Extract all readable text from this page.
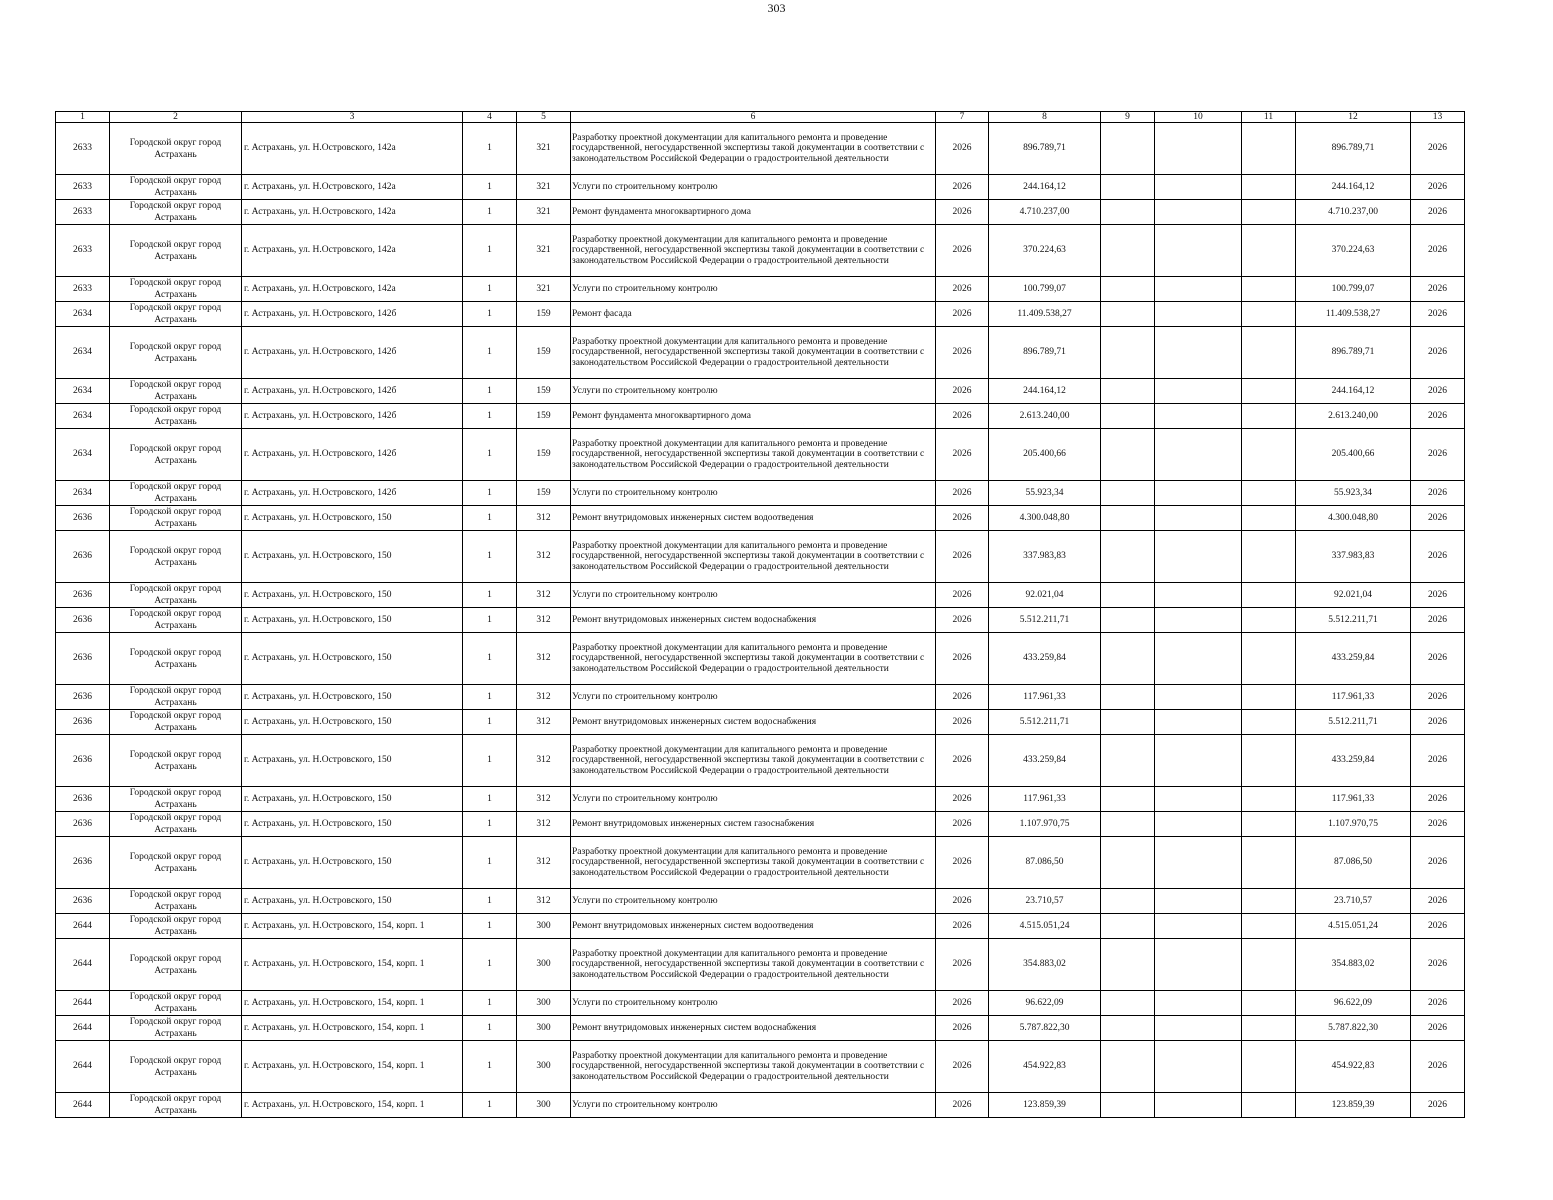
303
1	2	3	4	5	6	7	8	9	10	11	12	13
2633	Городской округ город Астрахань	г. Астрахань, ул. Н.Островского, 142а	1	321	Разработку проектной документации для капитального ремонта и проведение государственной, негосударственной экспертизы такой документации в соответствии с законодательством Российской Федерации о градостроительной деятельности	2026	896.789,71				896.789,71	2026
2633	Городской округ город Астрахань	г. Астрахань, ул. Н.Островского, 142а	1	321	Услуги по строительному контролю	2026	244.164,12				244.164,12	2026
2633	Городской округ город Астрахань	г. Астрахань, ул. Н.Островского, 142а	1	321	Ремонт фундамента многоквартирного дома	2026	4.710.237,00				4.710.237,00	2026
2633	Городской округ город Астрахань	г. Астрахань, ул. Н.Островского, 142а	1	321	Разработку проектной документации для капитального ремонта и проведение государственной, негосударственной экспертизы такой документации в соответствии с законодательством Российской Федерации о градостроительной деятельности	2026	370.224,63				370.224,63	2026
2633	Городской округ город Астрахань	г. Астрахань, ул. Н.Островского, 142а	1	321	Услуги по строительному контролю	2026	100.799,07				100.799,07	2026
2634	Городской округ город Астрахань	г. Астрахань, ул. Н.Островского, 142б	1	159	Ремонт фасада	2026	11.409.538,27				11.409.538,27	2026
2634	Городской округ город Астрахань	г. Астрахань, ул. Н.Островского, 142б	1	159	Разработку проектной документации для капитального ремонта и проведение государственной, негосударственной экспертизы такой документации в соответствии с законодательством Российской Федерации о градостроительной деятельности	2026	896.789,71				896.789,71	2026
2634	Городской округ город Астрахань	г. Астрахань, ул. Н.Островского, 142б	1	159	Услуги по строительному контролю	2026	244.164,12				244.164,12	2026
2634	Городской округ город Астрахань	г. Астрахань, ул. Н.Островского, 142б	1	159	Ремонт фундамента многоквартирного дома	2026	2.613.240,00				2.613.240,00	2026
2634	Городской округ город Астрахань	г. Астрахань, ул. Н.Островского, 142б	1	159	Разработку проектной документации для капитального ремонта и проведение государственной, негосударственной экспертизы такой документации в соответствии с законодательством Российской Федерации о градостроительной деятельности	2026	205.400,66				205.400,66	2026
2634	Городской округ город Астрахань	г. Астрахань, ул. Н.Островского, 142б	1	159	Услуги по строительному контролю	2026	55.923,34				55.923,34	2026
2636	Городской округ город Астрахань	г. Астрахань, ул. Н.Островского, 150	1	312	Ремонт внутридомовых инженерных систем водоотведения	2026	4.300.048,80				4.300.048,80	2026
2636	Городской округ город Астрахань	г. Астрахань, ул. Н.Островского, 150	1	312	Разработку проектной документации для капитального ремонта и проведение государственной, негосударственной экспертизы такой документации в соответствии с законодательством Российской Федерации о градостроительной деятельности	2026	337.983,83				337.983,83	2026
2636	Городской округ город Астрахань	г. Астрахань, ул. Н.Островского, 150	1	312	Услуги по строительному контролю	2026	92.021,04				92.021,04	2026
2636	Городской округ город Астрахань	г. Астрахань, ул. Н.Островского, 150	1	312	Ремонт внутридомовых инженерных систем водоснабжения	2026	5.512.211,71				5.512.211,71	2026
2636	Городской округ город Астрахань	г. Астрахань, ул. Н.Островского, 150	1	312	Разработку проектной документации для капитального ремонта и проведение государственной, негосударственной экспертизы такой документации в соответствии с законодательством Российской Федерации о градостроительной деятельности	2026	433.259,84				433.259,84	2026
2636	Городской округ город Астрахань	г. Астрахань, ул. Н.Островского, 150	1	312	Услуги по строительному контролю	2026	117.961,33				117.961,33	2026
2636	Городской округ город Астрахань	г. Астрахань, ул. Н.Островского, 150	1	312	Ремонт внутридомовых инженерных систем водоснабжения	2026	5.512.211,71				5.512.211,71	2026
2636	Городской округ город Астрахань	г. Астрахань, ул. Н.Островского, 150	1	312	Разработку проектной документации для капитального ремонта и проведение государственной, негосударственной экспертизы такой документации в соответствии с законодательством Российской Федерации о градостроительной деятельности	2026	433.259,84				433.259,84	2026
2636	Городской округ город Астрахань	г. Астрахань, ул. Н.Островского, 150	1	312	Услуги по строительному контролю	2026	117.961,33				117.961,33	2026
2636	Городской округ город Астрахань	г. Астрахань, ул. Н.Островского, 150	1	312	Ремонт внутридомовых инженерных систем газоснабжения	2026	1.107.970,75				1.107.970,75	2026
2636	Городской округ город Астрахань	г. Астрахань, ул. Н.Островского, 150	1	312	Разработку проектной документации для капитального ремонта и проведение государственной, негосударственной экспертизы такой документации в соответствии с законодательством Российской Федерации о градостроительной деятельности	2026	87.086,50				87.086,50	2026
2636	Городской округ город Астрахань	г. Астрахань, ул. Н.Островского, 150	1	312	Услуги по строительному контролю	2026	23.710,57				23.710,57	2026
2644	Городской округ город Астрахань	г. Астрахань, ул. Н.Островского, 154, корп. 1	1	300	Ремонт внутридомовых инженерных систем водоотведения	2026	4.515.051,24				4.515.051,24	2026
2644	Городской округ город Астрахань	г. Астрахань, ул. Н.Островского, 154, корп. 1	1	300	Разработку проектной документации для капитального ремонта и проведение государственной, негосударственной экспертизы такой документации в соответствии с законодательством Российской Федерации о градостроительной деятельности	2026	354.883,02				354.883,02	2026
2644	Городской округ город Астрахань	г. Астрахань, ул. Н.Островского, 154, корп. 1	1	300	Услуги по строительному контролю	2026	96.622,09				96.622,09	2026
2644	Городской округ город Астрахань	г. Астрахань, ул. Н.Островского, 154, корп. 1	1	300	Ремонт внутридомовых инженерных систем водоснабжения	2026	5.787.822,30				5.787.822,30	2026
2644	Городской округ город Астрахань	г. Астрахань, ул. Н.Островского, 154, корп. 1	1	300	Разработку проектной документации для капитального ремонта и проведение государственной, негосударственной экспертизы такой документации в соответствии с законодательством Российской Федерации о градостроительной деятельности	2026	454.922,83				454.922,83	2026
2644	Городской округ город Астрахань	г. Астрахань, ул. Н.Островского, 154, корп. 1	1	300	Услуги по строительному контролю	2026	123.859,39				123.859,39	2026
